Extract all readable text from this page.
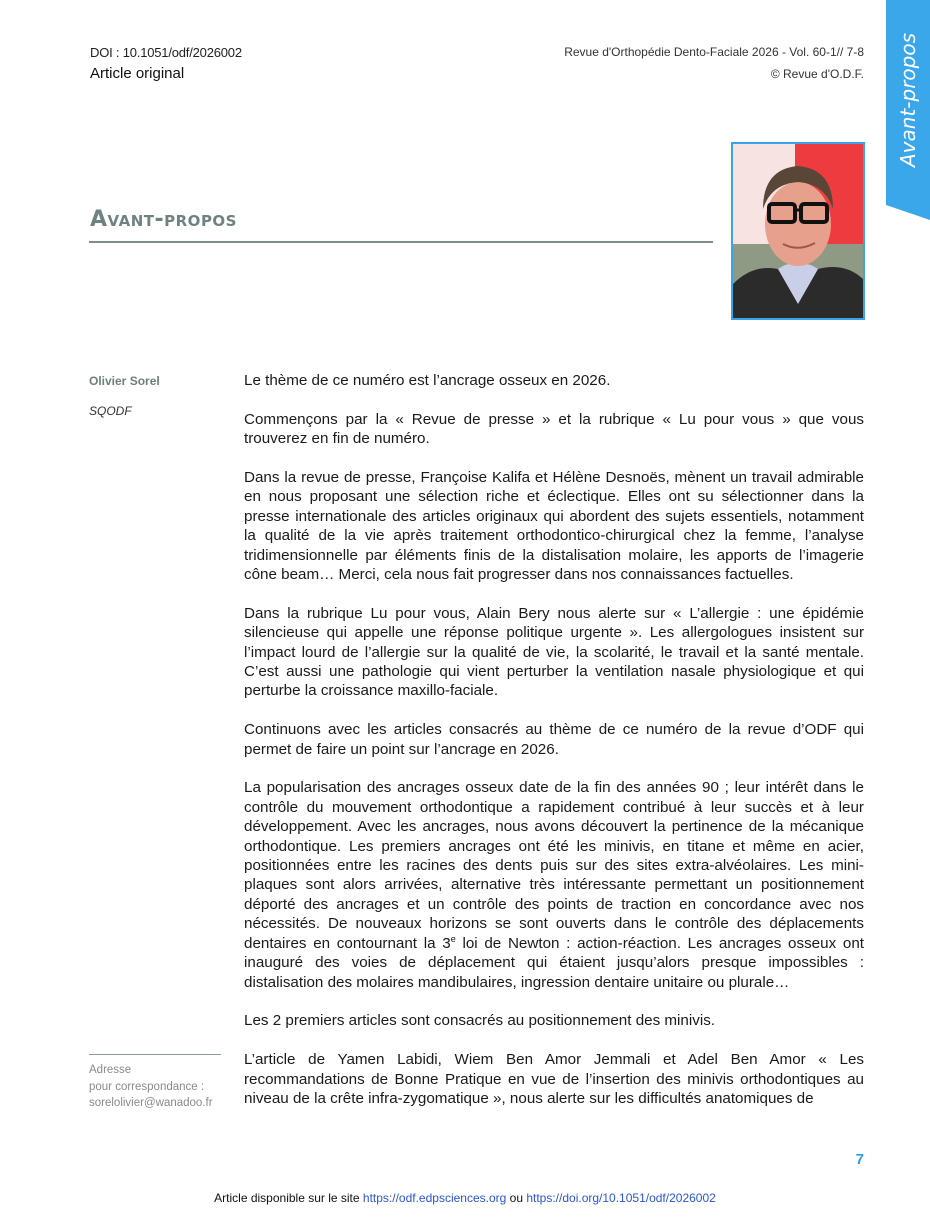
DOI : 10.1051/odf/2026002
Article original
Revue d'Orthopédie Dento-Faciale 2026 - Vol. 60-1// 7-8
© Revue d'O.D.F. Avant-propos
Avant-propos
Olivier Sorel
SQODF

Le thème de ce numéro est l’ancrage osseux en 2026.

Commençons par la « Revue de presse » et la rubrique « Lu pour vous » que vous trouverez en fin de numéro.

Dans la revue de presse, Françoise Kalifa et Hélène Desnoës, mènent un travail admirable en nous proposant une sélection riche et éclectique. Elles ont su sélectionner dans la presse internationale des articles originaux qui abordent des sujets essentiels, notamment la qualité de la vie après traitement orthodontico-chirurgical chez la femme, l’analyse tridimensionnelle par éléments finis de la distalisation molaire, les apports de l’imagerie cône beam… Merci, cela nous fait progresser dans nos connaissances factuelles.

Dans la rubrique Lu pour vous, Alain Bery nous alerte sur « L’allergie : une épidémie silencieuse qui appelle une réponse politique urgente ». Les allergologues insistent sur l’impact lourd de l’allergie sur la qualité de vie, la scolarité, le travail et la santé mentale. C’est aussi une pathologie qui vient perturber la ventilation nasale physiologique et qui perturbe la croissance maxillo-faciale.

Continuons avec les articles consacrés au thème de ce numéro de la revue d’ODF qui permet de faire un point sur l’ancrage en 2026.

La popularisation des ancrages osseux date de la fin des années 90 ; leur intérêt dans le contrôle du mouvement orthodontique a rapidement contribué à leur succès et à leur développement. Avec les ancrages, nous avons découvert la pertinence de la mécanique orthodontique. Les premiers ancrages ont été les minivis, en titane et même en acier, positionnées entre les racines des dents puis sur des sites extra-alvéolaires. Les mini-plaques sont alors arrivées, alternative très intéressante permettant un positionnement déporté des ancrages et un contrôle des points de traction en concordance avec nos nécessités. De nouveaux horizons se sont ouverts dans le contrôle des déplacements dentaires en contournant la 3e loi de Newton : action-réaction. Les ancrages osseux ont inauguré des voies de déplacement qui étaient jusqu’alors presque impossibles : distalisation des molaires mandibulaires, ingression dentaire unitaire ou plurale…

Les 2 premiers articles sont consacrés au positionnement des minivis.

L’article de Yamen Labidi, Wiem Ben Amor Jemmali et Adel Ben Amor « Les recommandations de Bonne Pratique en vue de l’insertion des minivis orthodontiques au niveau de la crête infra-zygomatique », nous alerte sur les difficultés anatomiques de

Adresse
pour correspondance :
sorelolivier@wanadoo.fr
7
Article disponible sur le site https://odf.edpsciences.org ou https://doi.org/10.1051/odf/2026002
